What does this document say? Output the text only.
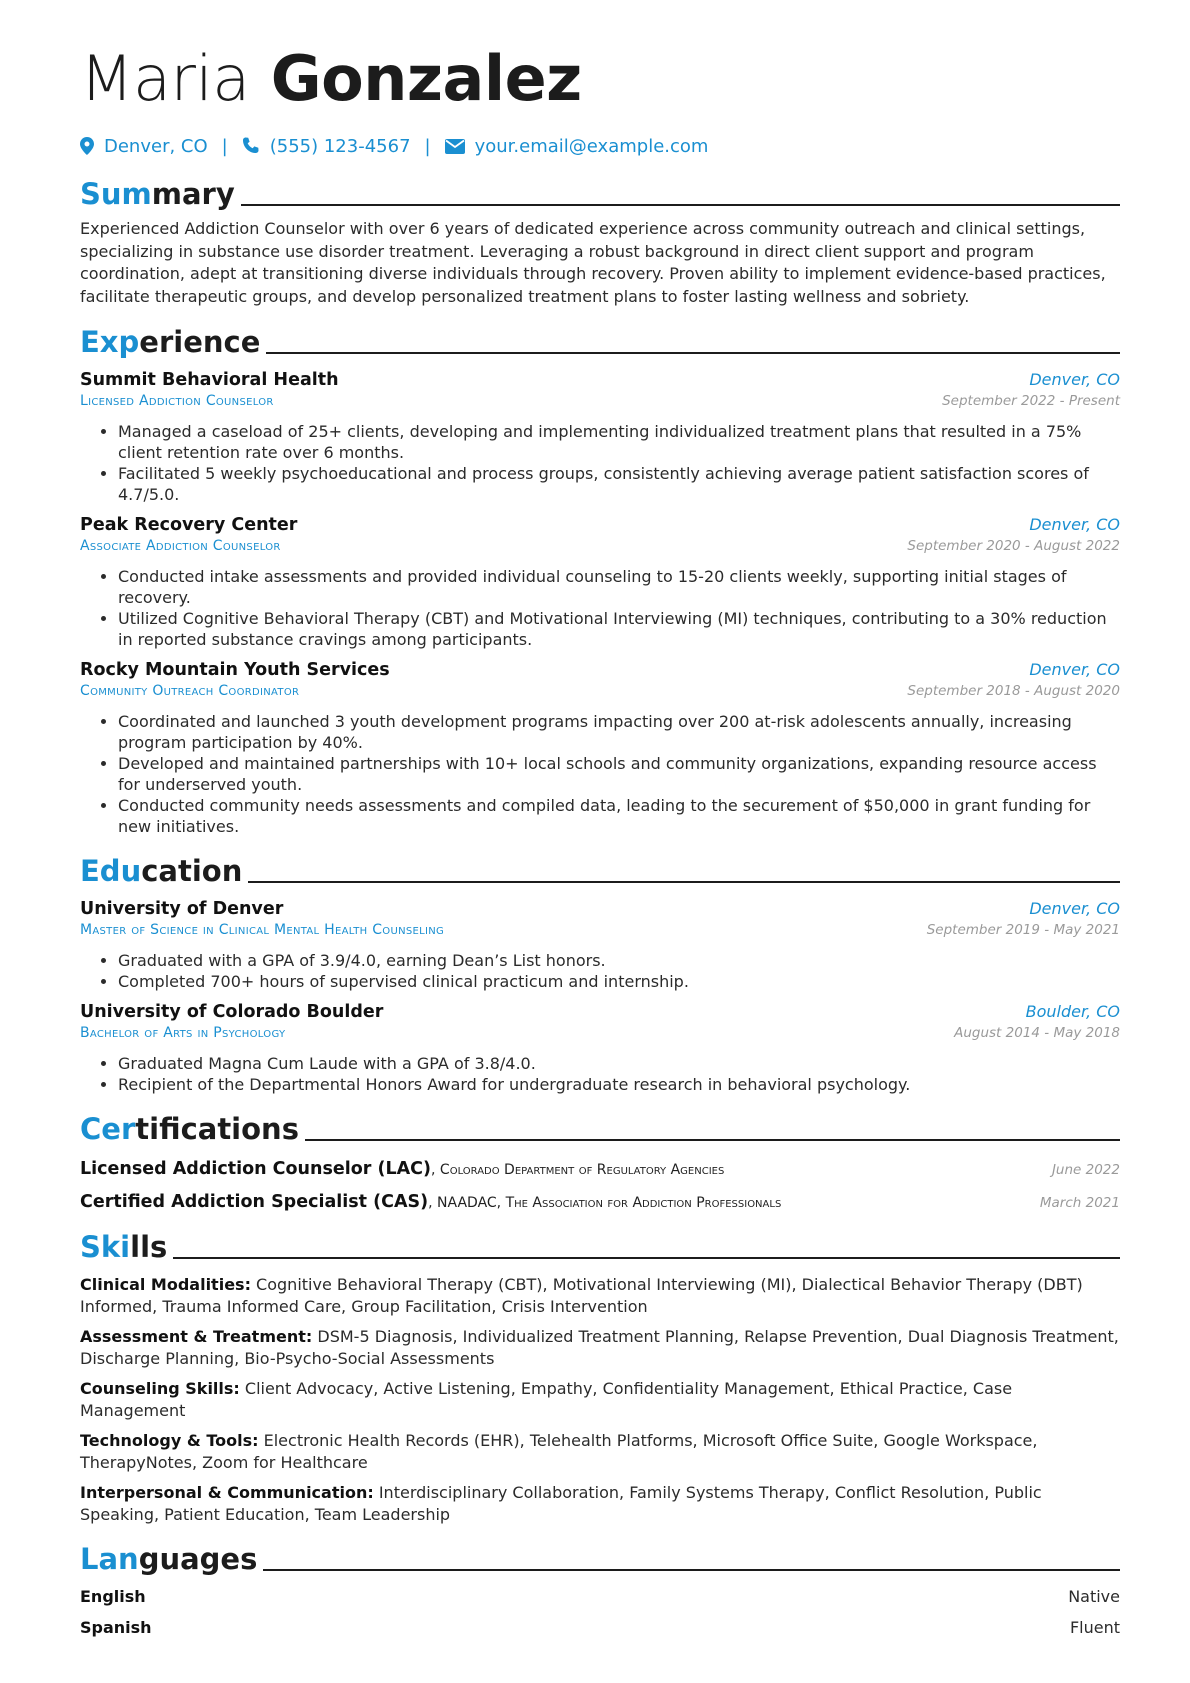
Maria Gonzalez
Denver, CO | (555) 123-4567 | your.email@example.com
Summary

Experienced Addiction Counselor with over 6 years of dedicated experience across community outreach and clinical settings, specializing in substance use disorder treatment. Leveraging a robust background in direct client support and program coordination, adept at transitioning diverse individuals through recovery. Proven ability to implement evidence-based practices, facilitate therapeutic groups, and develop personalized treatment plans to foster lasting wellness and sobriety.

Experience
Summit Behavioral Health	Denver, CO
Licensed Addiction Counselor	September 2022 - Present
• Managed a caseload of 25+ clients, developing and implementing individualized treatment plans that resulted in a 75% client retention rate over 6 months.
• Facilitated 5 weekly psychoeducational and process groups, consistently achieving average patient satisfaction scores of 4.7/5.0.
Peak Recovery Center	Denver, CO
Associate Addiction Counselor	September 2020 - August 2022
• Conducted intake assessments and provided individual counseling to 15-20 clients weekly, supporting initial stages of recovery.
• Utilized Cognitive Behavioral Therapy (CBT) and Motivational Interviewing (MI) techniques, contributing to a 30% reduction in reported substance cravings among participants.
Rocky Mountain Youth Services	Denver, CO
Community Outreach Coordinator	September 2018 - August 2020
• Coordinated and launched 3 youth development programs impacting over 200 at-risk adolescents annually, increasing program participation by 40%.
• Developed and maintained partnerships with 10+ local schools and community organizations, expanding resource access for underserved youth.
• Conducted community needs assessments and compiled data, leading to the securement of $50,000 in grant funding for new initiatives.
Education
University of Denver	Denver, CO
Master of Science in Clinical Mental Health Counseling	September 2019 - May 2021
• Graduated with a GPA of 3.9/4.0, earning Dean’s List honors.
• Completed 700+ hours of supervised clinical practicum and internship.
University of Colorado Boulder	Boulder, CO
Bachelor of Arts in Psychology	August 2014 - May 2018
• Graduated Magna Cum Laude with a GPA of 3.8/4.0.
• Recipient of the Departmental Honors Award for undergraduate research in behavioral psychology.
Certifications
Licensed Addiction Counselor (LAC), Colorado Department of Regulatory Agencies	June 2022
Certified Addiction Specialist (CAS), NAADAC, The Association for Addiction Professionals	March 2021
Skills
Clinical Modalities: Cognitive Behavioral Therapy (CBT), Motivational Interviewing (MI), Dialectical Behavior Therapy (DBT) Informed, Trauma Informed Care, Group Facilitation, Crisis Intervention
Assessment & Treatment: DSM-5 Diagnosis, Individualized Treatment Planning, Relapse Prevention, Dual Diagnosis Treatment, Discharge Planning, Bio-Psycho-Social Assessments
Counseling Skills: Client Advocacy, Active Listening, Empathy, Confidentiality Management, Ethical Practice, Case Management
Technology & Tools: Electronic Health Records (EHR), Telehealth Platforms, Microsoft Office Suite, Google Workspace, TherapyNotes, Zoom for Healthcare
Interpersonal & Communication: Interdisciplinary Collaboration, Family Systems Therapy, Conflict Resolution, Public Speaking, Patient Education, Team Leadership
Languages
English	Native
Spanish	Fluent
